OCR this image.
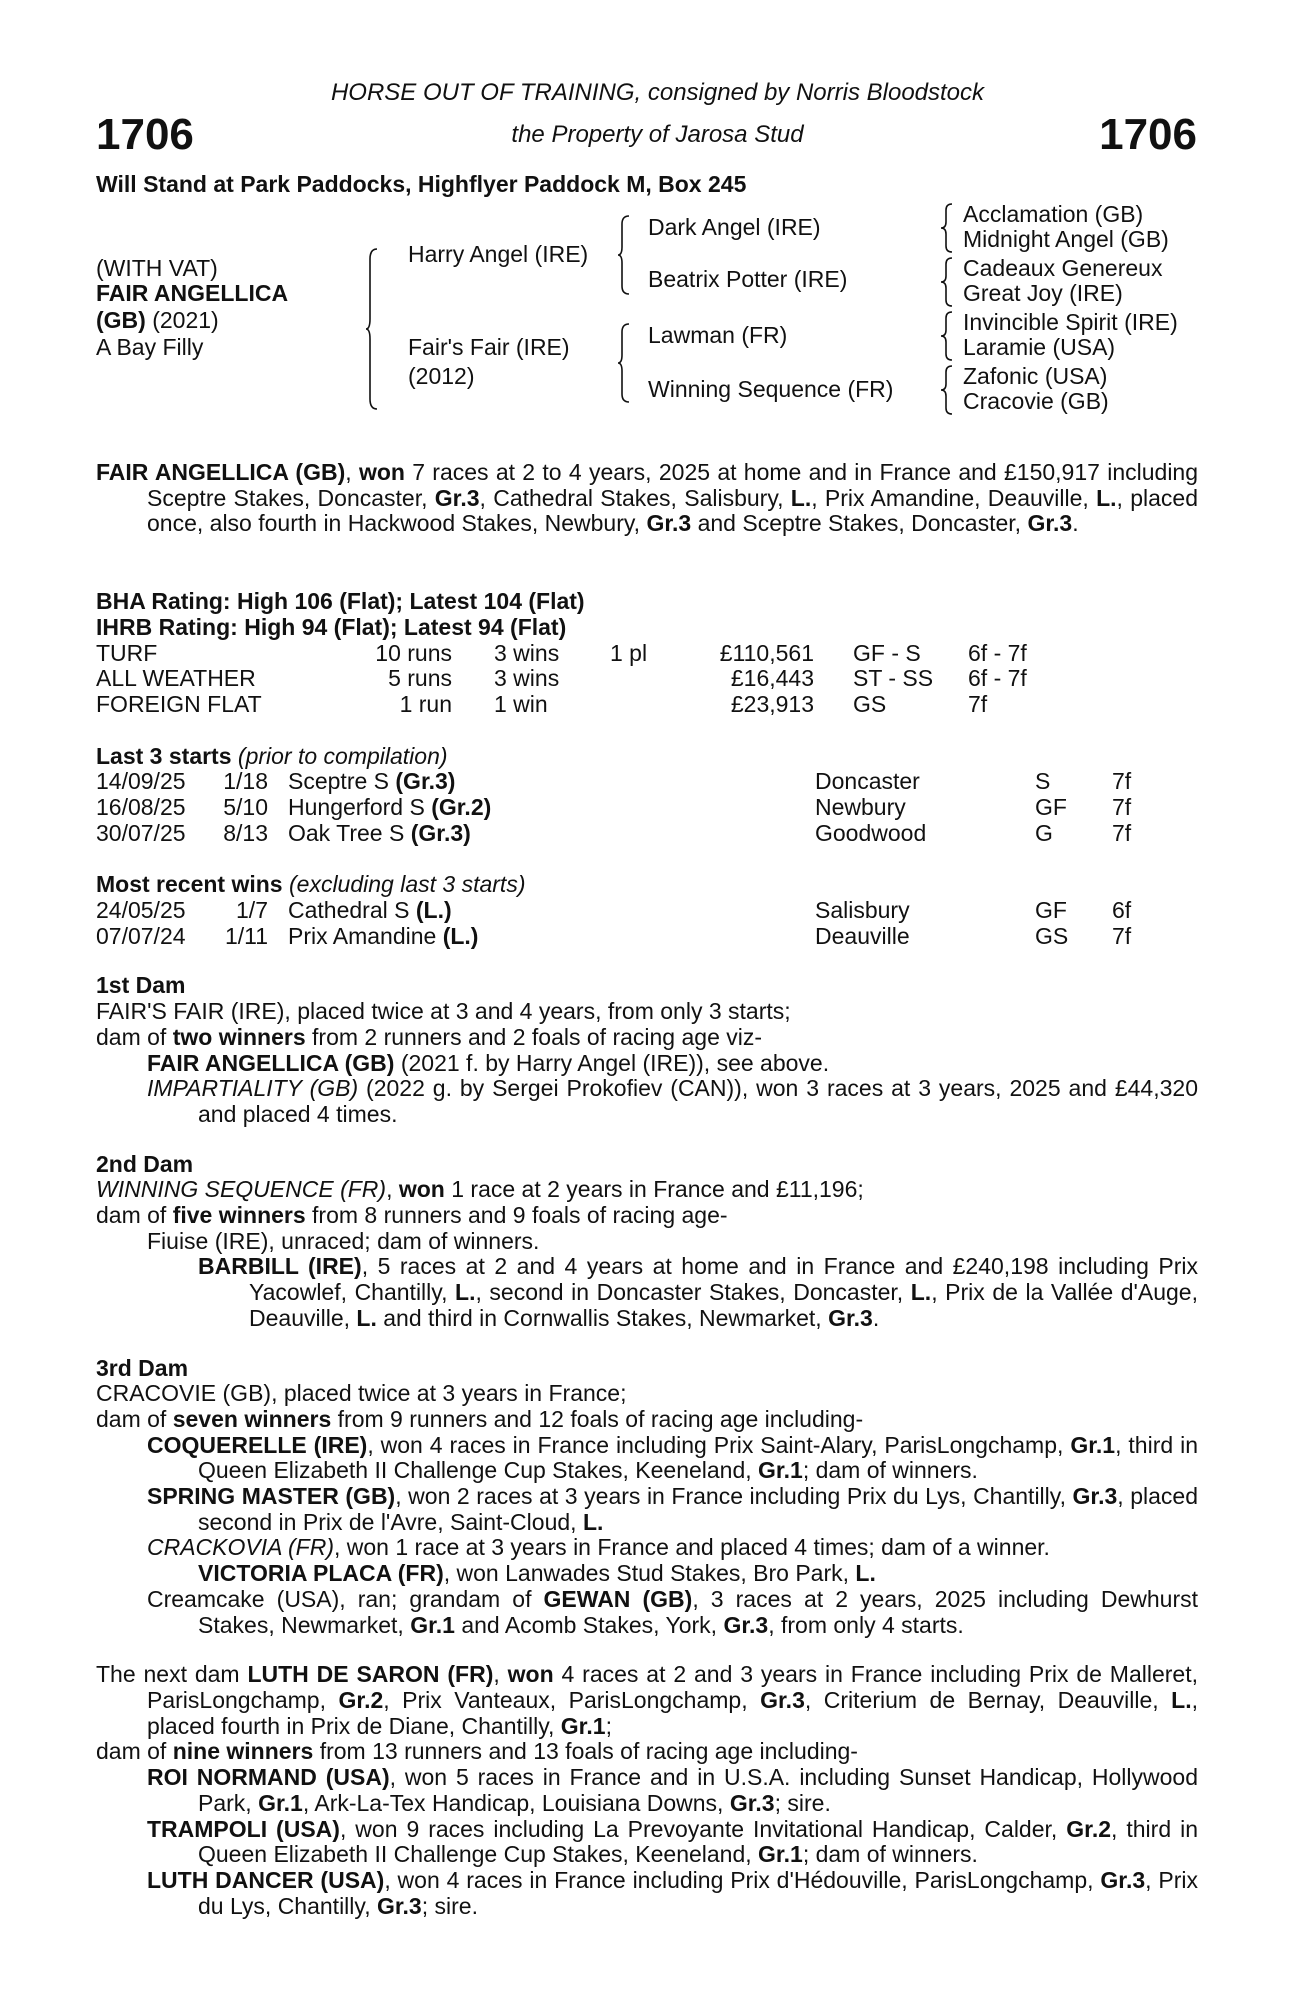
HORSE OUT OF TRAINING, consigned by Norris Bloodstock
the Property of Jarosa Stud
1706	1706
Will Stand at Park Paddocks, Highflyer Paddock M, Box 245
(WITH VAT)
FAIR ANGELLICA
(GB) (2021)
A Bay Filly
Harry Angel (IRE)
Fair's Fair (IRE)
(2012)
Dark Angel (IRE)
Beatrix Potter (IRE)
Lawman (FR)
Winning Sequence (FR)
Acclamation (GB)
Midnight Angel (GB)
Cadeaux Genereux
Great Joy (IRE)
Invincible Spirit (IRE)
Laramie (USA)
Zafonic (USA)
Cracovie (GB)
FAIR ANGELLICA (GB), won 7 races at 2 to 4 years, 2025 at home and in France and £150,917 including Sceptre Stakes, Doncaster, Gr.3, Cathedral Stakes, Salisbury, L., Prix Amandine, Deauville, L., placed once, also fourth in Hackwood Stakes, Newbury, Gr.3 and Sceptre Stakes, Doncaster, Gr.3.
BHA Rating: High 106 (Flat); Latest 104 (Flat)
IHRB Rating: High 94 (Flat); Latest 94 (Flat)
TURF	10 runs 3 wins 1 pl	£110,561 GF - S 6f - 7f
ALL WEATHER	5 runs 3 wins	£16,443 ST - SS 6f - 7f
FOREIGN FLAT	1 run 1 win	£23,913 GS	7f
Last 3 starts (prior to compilation)
14/09/25 1/18 Sceptre S (Gr.3)	Doncaster	S	7f
16/08/25 5/10 Hungerford S (Gr.2)	Newbury	GF 7f
30/07/25 8/13 Oak Tree S (Gr.3)	Goodwood	G	7f
Most recent wins (excluding last 3 starts)
24/05/25 1/7 Cathedral S (L.)	Salisbury	GF 6f
07/07/24 1/11 Prix Amandine (L.)	Deauville	GS 7f
1st Dam
FAIR'S FAIR (IRE), placed twice at 3 and 4 years, from only 3 starts;
dam of two winners from 2 runners and 2 foals of racing age viz-
FAIR ANGELLICA (GB) (2021 f. by Harry Angel (IRE)), see above.
IMPARTIALITY (GB) (2022 g. by Sergei Prokofiev (CAN)), won 3 races at 3 years, 2025 and £44,320 and placed 4 times.
2nd Dam
WINNING SEQUENCE (FR), won 1 race at 2 years in France and £11,196;
dam of five winners from 8 runners and 9 foals of racing age-
Fiuise (IRE), unraced; dam of winners.
BARBILL (IRE), 5 races at 2 and 4 years at home and in France and £240,198 including Prix Yacowlef, Chantilly, L., second in Doncaster Stakes, Doncaster, L., Prix de la Vallée d'Auge, Deauville, L. and third in Cornwallis Stakes, Newmarket, Gr.3.
3rd Dam
CRACOVIE (GB), placed twice at 3 years in France;
dam of seven winners from 9 runners and 12 foals of racing age including-
COQUERELLE (IRE), won 4 races in France including Prix Saint-Alary, ParisLongchamp, Gr.1, third in Queen Elizabeth II Challenge Cup Stakes, Keeneland, Gr.1; dam of winners.
SPRING MASTER (GB), won 2 races at 3 years in France including Prix du Lys, Chantilly, Gr.3, placed second in Prix de l'Avre, Saint-Cloud, L.
CRACKOVIA (FR), won 1 race at 3 years in France and placed 4 times; dam of a winner.
VICTORIA PLACA (FR), won Lanwades Stud Stakes, Bro Park, L.
Creamcake (USA), ran; grandam of GEWAN (GB), 3 races at 2 years, 2025 including Dewhurst Stakes, Newmarket, Gr.1 and Acomb Stakes, York, Gr.3, from only 4 starts.
The next dam LUTH DE SARON (FR), won 4 races at 2 and 3 years in France including Prix de Malleret, ParisLongchamp, Gr.2, Prix Vanteaux, ParisLongchamp, Gr.3, Criterium de Bernay, Deauville, L., placed fourth in Prix de Diane, Chantilly, Gr.1;
dam of nine winners from 13 runners and 13 foals of racing age including-
ROI NORMAND (USA), won 5 races in France and in U.S.A. including Sunset Handicap, Hollywood Park, Gr.1, Ark-La-Tex Handicap, Louisiana Downs, Gr.3; sire.
TRAMPOLI (USA), won 9 races including La Prevoyante Invitational Handicap, Calder, Gr.2, third in Queen Elizabeth II Challenge Cup Stakes, Keeneland, Gr.1; dam of winners.
LUTH DANCER (USA), won 4 races in France including Prix d'Hédouville, ParisLongchamp, Gr.3, Prix du Lys, Chantilly, Gr.3; sire.
